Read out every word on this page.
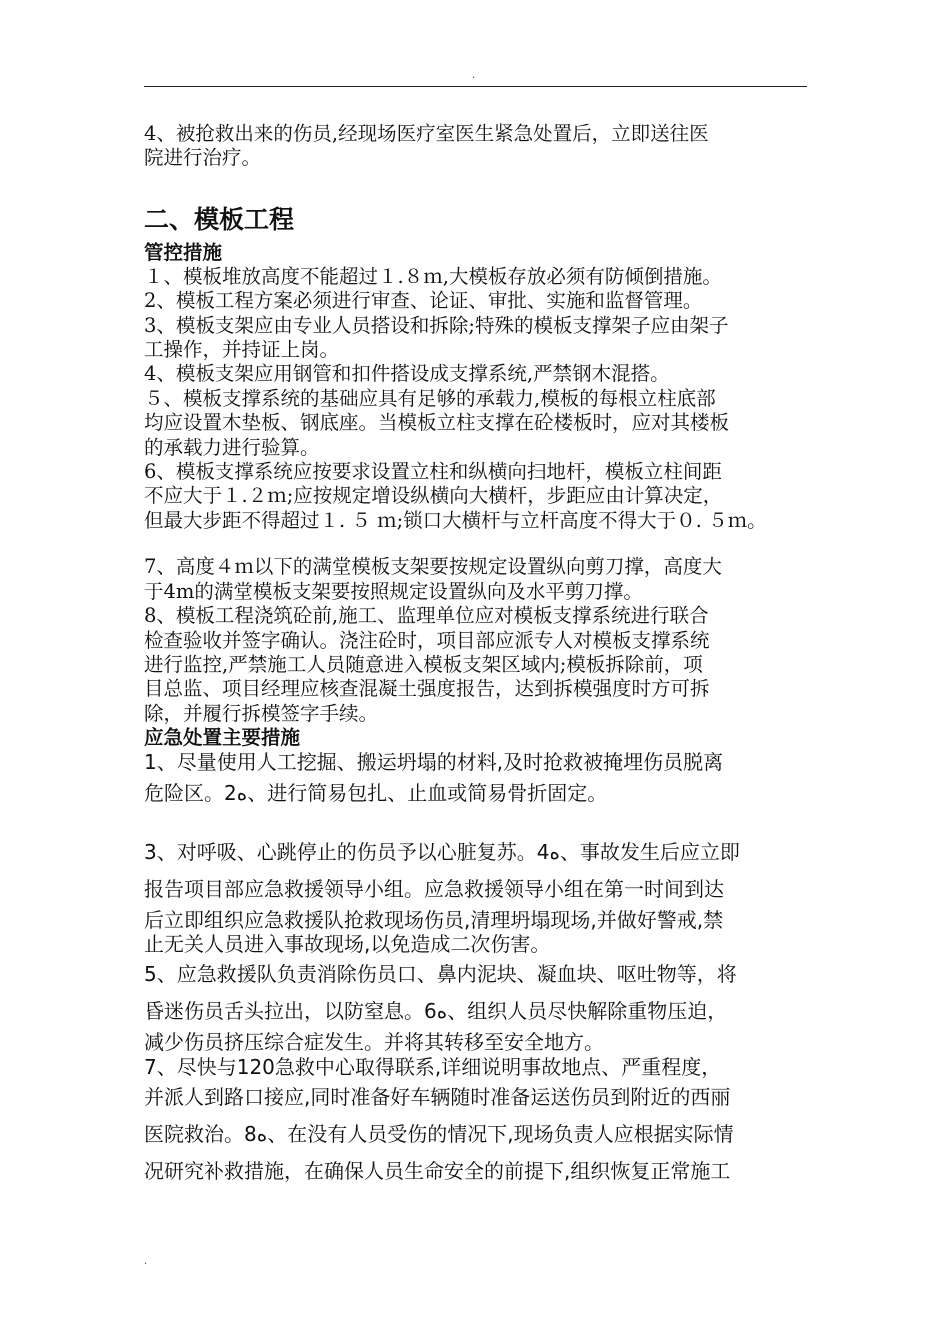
.

4、被抢救出来的伤员,经现场医疗室医生紧急处置后，立即送往医

院进行治疗。

二、模板工程
管控措施

１、模板堆放高度不能超过１.８ｍ,大模板存放必须有防倾倒措施。

2、模板工程方案必须进行审查、论证、审批、实施和监督管理。

3、模板支架应由专业人员搭设和拆除;特殊的模板支撑架子应由架子

工操作，并持证上岗。

4、模板支架应用钢管和扣件搭设成支撑系统,严禁钢木混搭。

５、模板支撑系统的基础应具有足够的承载力,模板的每根立柱底部

均应设置木垫板、钢底座。当模板立柱支撑在砼楼板时，应对其楼板

的承载力进行验算。

6、模板支撑系统应按要求设置立柱和纵横向扫地杆，模板立柱间距

不应大于１.２ｍ;应按规定增设纵横向大横杆，步距应由计算决定，

但最大步距不得超过１. ５ ｍ;锁口大横杆与立杆高度不得大于０. ５ｍ。

7、高度４ｍ以下的满堂模板支架要按规定设置纵向剪刀撑，高度大

于4m的满堂模板支架要按照规定设置纵向及水平剪刀撑。

8、模板工程浇筑砼前,施工、监理单位应对模板支撑系统进行联合

检查验收并签字确认。浇注砼时，项目部应派专人对模板支撑系统

进行监控,严禁施工人员随意进入模板支架区域内;模板拆除前，项

目总监、项目经理应核查混凝土强度报告，达到拆模强度时方可拆

除，并履行拆模签字手续。

应急处置主要措施

1、尽量使用人工挖掘、搬运坍塌的材料,及时抢救被掩埋伤员脱离

危险区。2ﻩ、进行简易包扎、止血或简易骨折固定。

3、对呼吸、心跳停止的伤员予以心脏复苏。4ﻩ、事故发生后应立即

报告项目部应急救援领导小组。应急救援领导小组在第一时间到达

后立即组织应急救援队抢救现场伤员,清理坍塌现场,并做好警戒,禁

止无关人员进入事故现场,以免造成二次伤害。

5、应急救援队负责消除伤员口、鼻内泥块、凝血块、呕吐物等，将

昏迷伤员舌头拉出，以防窒息。6ﻩ、组织人员尽快解除重物压迫，

减少伤员挤压综合症发生。并将其转移至安全地方。

7、尽快与120急救中心取得联系,详细说明事故地点、严重程度，

并派人到路口接应,同时准备好车辆随时准备运送伤员到附近的西丽

医院救治。8ﻩ、在没有人员受伤的情况下,现场负责人应根据实际情

况研究补救措施，在确保人员生命安全的前提下,组织恢复正常施工

.
